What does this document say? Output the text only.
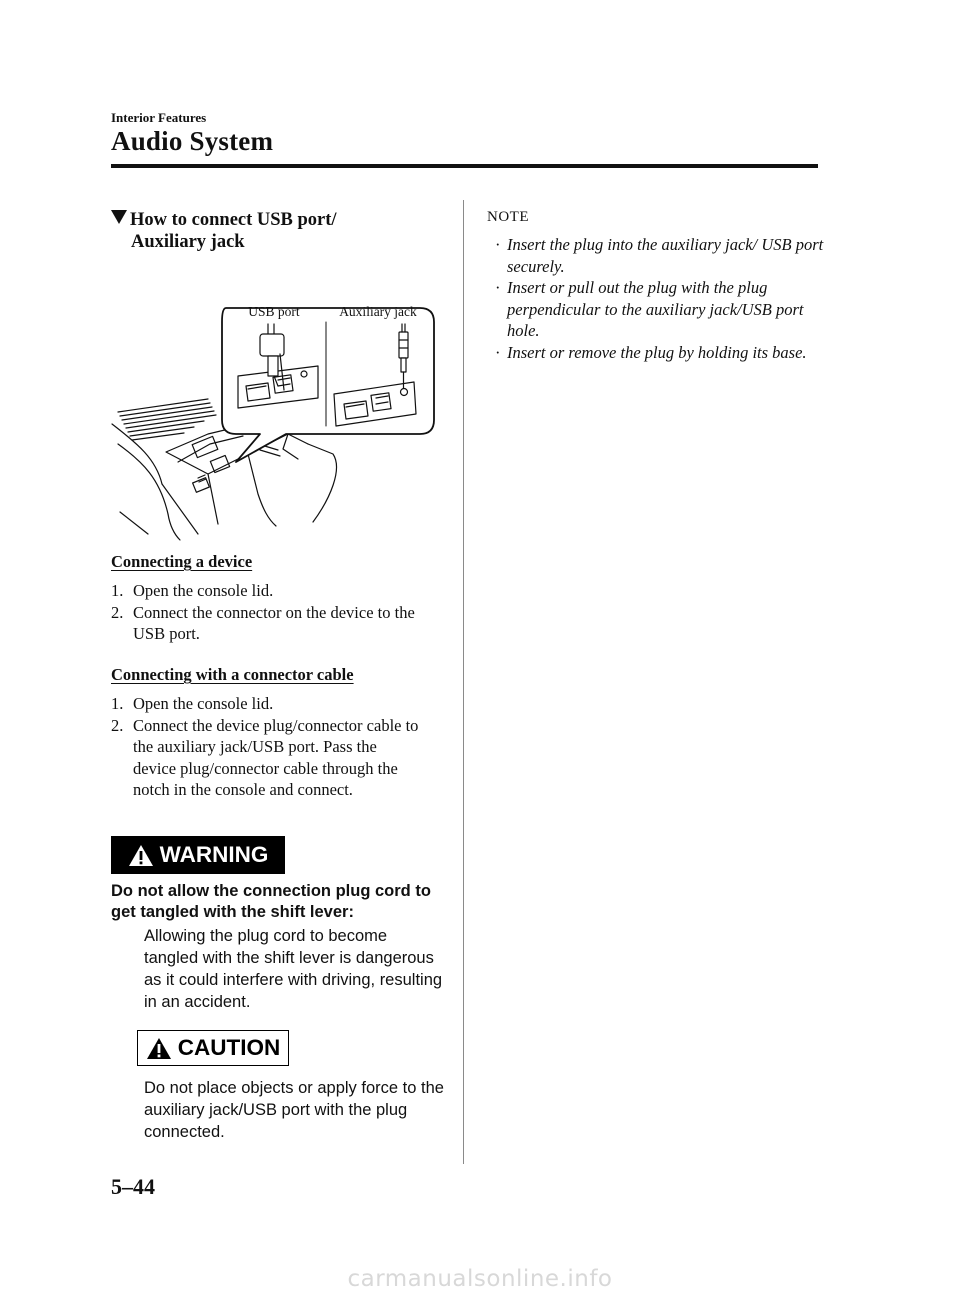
Interior Features
Audio System
How to connect USB port/
Auxiliary jack
USB port	Auxiliary jack
Connecting a device
1. Open the console lid.
2. Connect the connector on the device to the USB port.
Connecting with a connector cable
1. Open the console lid.
2. Connect the device plug/connector cable to the auxiliary jack/USB port. Pass the device plug/connector cable through the notch in the console and connect.
WARNING
Do not allow the connection plug cord to get tangled with the shift lever:
Allowing the plug cord to become tangled with the shift lever is dangerous as it could interfere with driving, resulting in an accident.
CAUTION
Do not place objects or apply force to the auxiliary jack/USB port with the plug connected.
NOTE
· Insert the plug into the auxiliary jack/ USB port securely.
· Insert or pull out the plug with the plug perpendicular to the auxiliary jack/USB port hole.
· Insert or remove the plug by holding its base.
5–44
carmanualsonline.info
